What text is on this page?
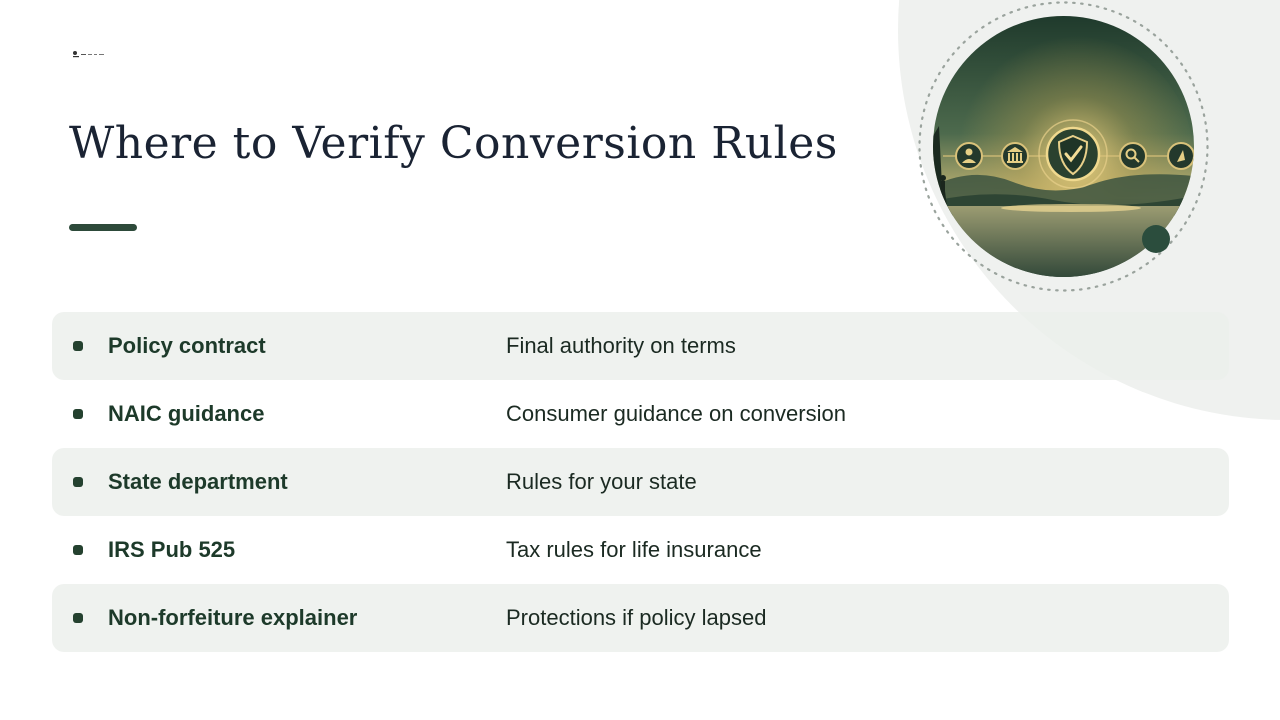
Where to Verify Conversion Rules
Policy contract	Final authority on terms
NAIC guidance	Consumer guidance on conversion
State department	Rules for your state
IRS Pub 525	Tax rules for life insurance
Non-forfeiture explainer	Protections if policy lapsed
